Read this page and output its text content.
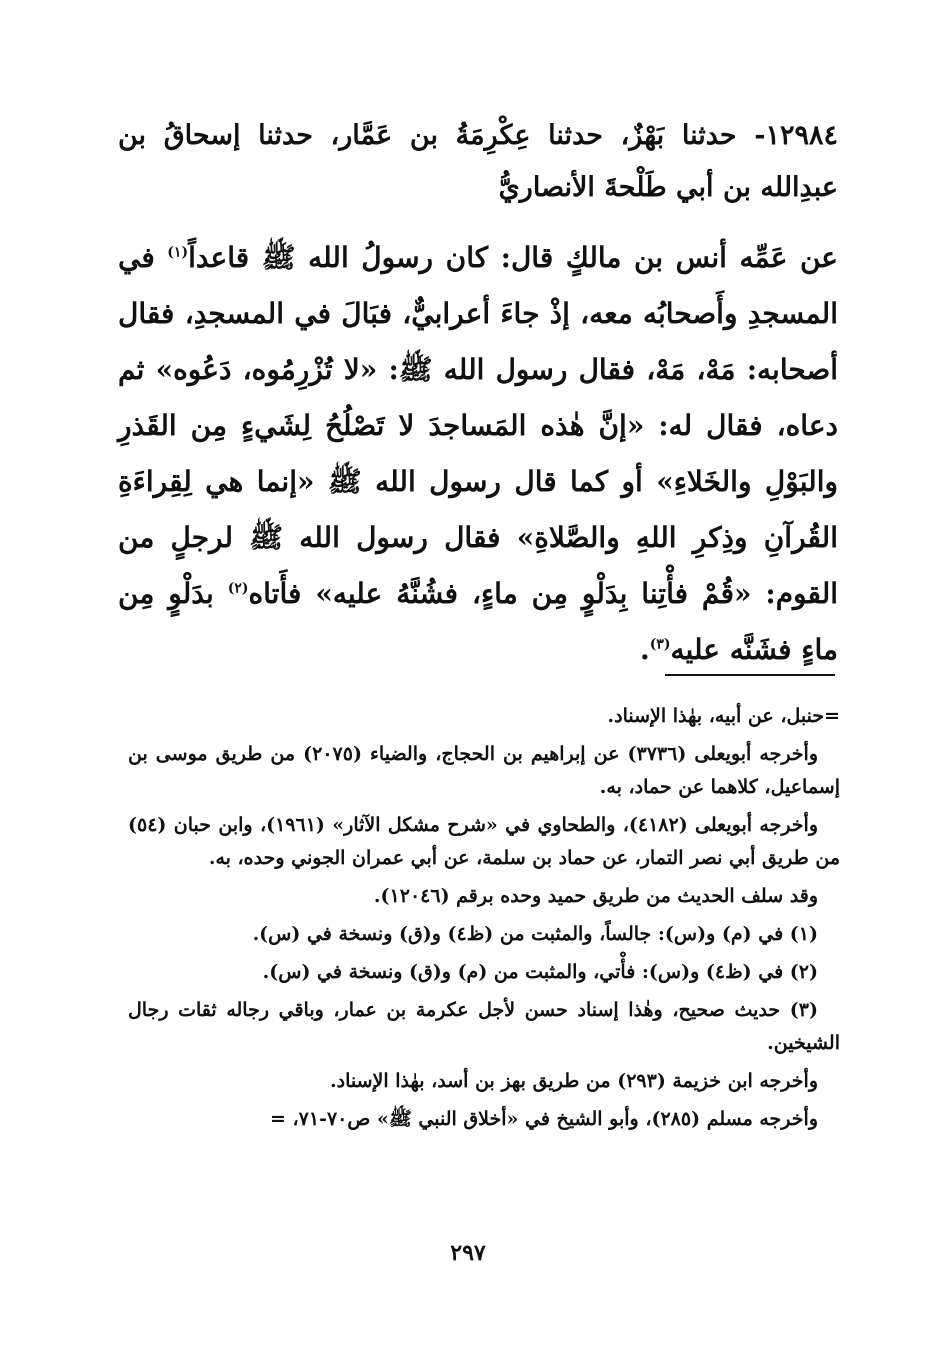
١٢٩٨٤- حدثنا بَهْزٌ، حدثنا عِكْرِمَةُ بن عَمَّار، حدثنا إسحاقُ بن عبدِالله بن أبي طَلْحةَ الأنصاريُّ

عن عَمِّه أنس بن مالكٍ قال: كان رسولُ الله ﷺ قاعداً$^{(١)}$ في المسجدِ وأَصحابُه معه، إذْ جاءَ أعرابيٌّ، فبَالَ في المسجدِ، فقال أصحابه: مَهْ، مَهْ، فقال رسول الله ﷺ: «لا تُزْرِمُوه، دَعُوه» ثم دعاه، فقال له: «إنَّ هٰذه المَساجدَ لا تَصْلُحُ لِشَيءٍ مِن القَذرِ والبَوْلِ والخَلاءِ» أو كما قال رسول الله ﷺ «إنما هي لِقِراءَةِ القُرآنِ وذِكرِ اللهِ والصَّلاةِ» فقال رسول الله ﷺ لرجلٍ من القوم: «قُمْ فأْتِنا بِدَلْوٍ مِن ماءٍ، فشُنَّهُ عليه» فأَتاه$^{(٢)}$ بدَلْوٍ مِن ماءٍ فشَنَّه عليه$^{(٣)}$.

=حنبل، عن أبيه، بهٰذا الإسناد.

وأخرجه أبويعلى (٣٧٣٦) عن إبراهيم بن الحجاج، والضياء (٢٠٧٥) من طريق موسى بن إسماعيل، كلاهما عن حماد، به.

وأخرجه أبويعلى (٤١٨٢)، والطحاوي في «شرح مشكل الآثار» (١٩٦١)، وابن حبان (٥٤) من طريق أبي نصر التمار، عن حماد بن سلمة، عن أبي عمران الجوني وحده، به.

وقد سلف الحديث من طريق حميد وحده برقم (١٢٠٤٦).

(١) في (م) و(س): جالساً، والمثبت من (ظ٤) و(ق) ونسخة في (س).

(٢) في (ظ٤) و(س): فأْتي، والمثبت من (م) و(ق) ونسخة في (س).

(٣) حديث صحيح، وهٰذا إسناد حسن لأجل عكرمة بن عمار، وباقي رجاله ثقات رجال الشيخين.

وأخرجه ابن خزيمة (٢٩٣) من طريق بهز بن أسد، بهٰذا الإسناد.

وأخرجه مسلم (٢٨٥)، وأبو الشيخ في «أخلاق النبي ﷺ» ص٧٠-٧١، =

٢٩٧
